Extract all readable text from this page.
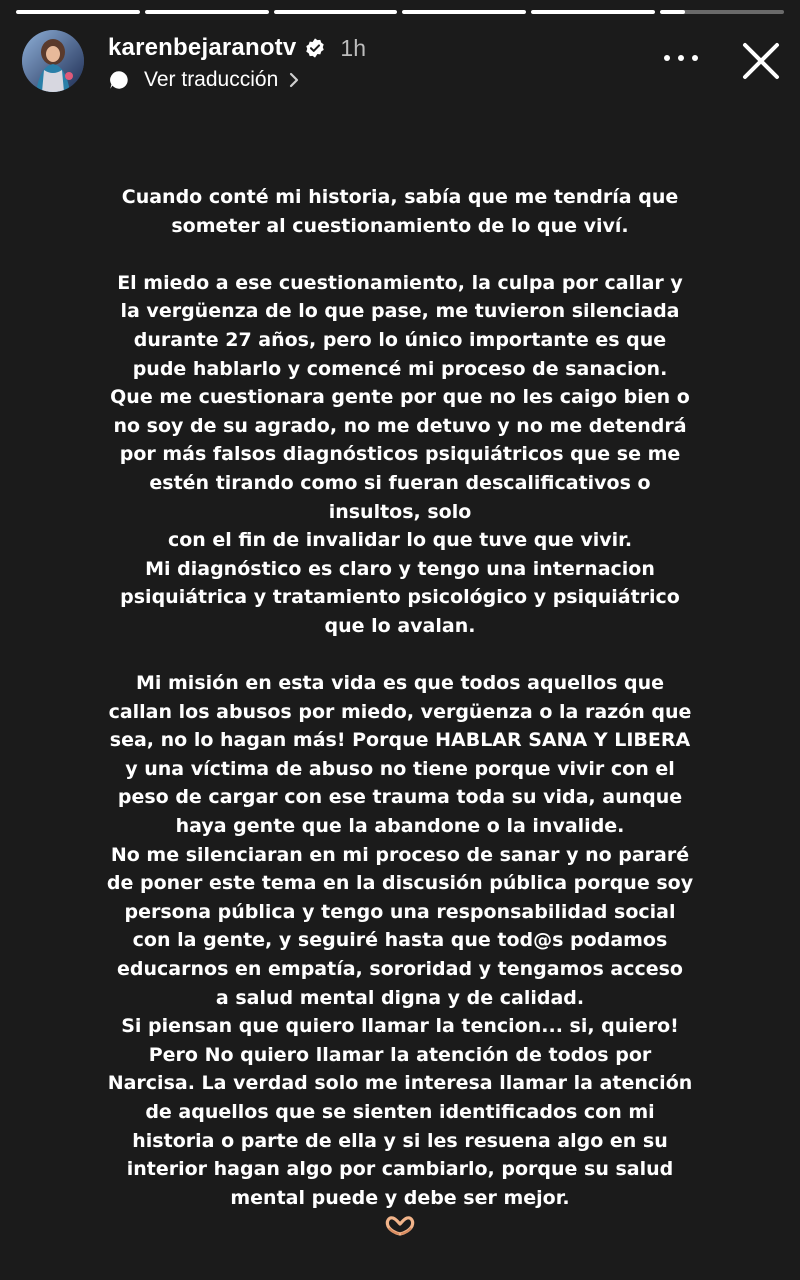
karenbejaranotv 1h
Ver traducción

Cuando conté mi historia, sabía que me tendría que

someter al cuestionamiento de lo que viví.

El miedo a ese cuestionamiento, la culpa por callar y

la vergüenza de lo que pase, me tuvieron silenciada

durante 27 años, pero lo único importante es que

pude hablarlo y comencé mi proceso de sanacion.

Que me cuestionara gente por que no les caigo bien o

no soy de su agrado, no me detuvo y no me detendrá

por más falsos diagnósticos psiquiátricos que se me

estén tirando como si fueran descalificativos o

insultos, solo

con el fin de invalidar lo que tuve que vivir.

Mi diagnóstico es claro y tengo una internacion

psiquiátrica y tratamiento psicológico y psiquiátrico

que lo avalan.

Mi misión en esta vida es que todos aquellos que

callan los abusos por miedo, vergüenza o la razón que

sea, no lo hagan más! Porque HABLAR SANA Y LIBERA

y una víctima de abuso no tiene porque vivir con el

peso de cargar con ese trauma toda su vida, aunque

haya gente que la abandone o la invalide.

No me silenciaran en mi proceso de sanar y no pararé

de poner este tema en la discusión pública porque soy

persona pública y tengo una responsabilidad social

con la gente, y seguiré hasta que tod@s podamos

educarnos en empatía, sororidad y tengamos acceso

a salud mental digna y de calidad.

Si piensan que quiero llamar la tencion... si, quiero!

Pero No quiero llamar la atención de todos por

Narcisa. La verdad solo me interesa llamar la atención

de aquellos que se sienten identificados con mi

historia o parte de ella y si les resuena algo en su

interior hagan algo por cambiarlo, porque su salud

mental puede y debe ser mejor.
